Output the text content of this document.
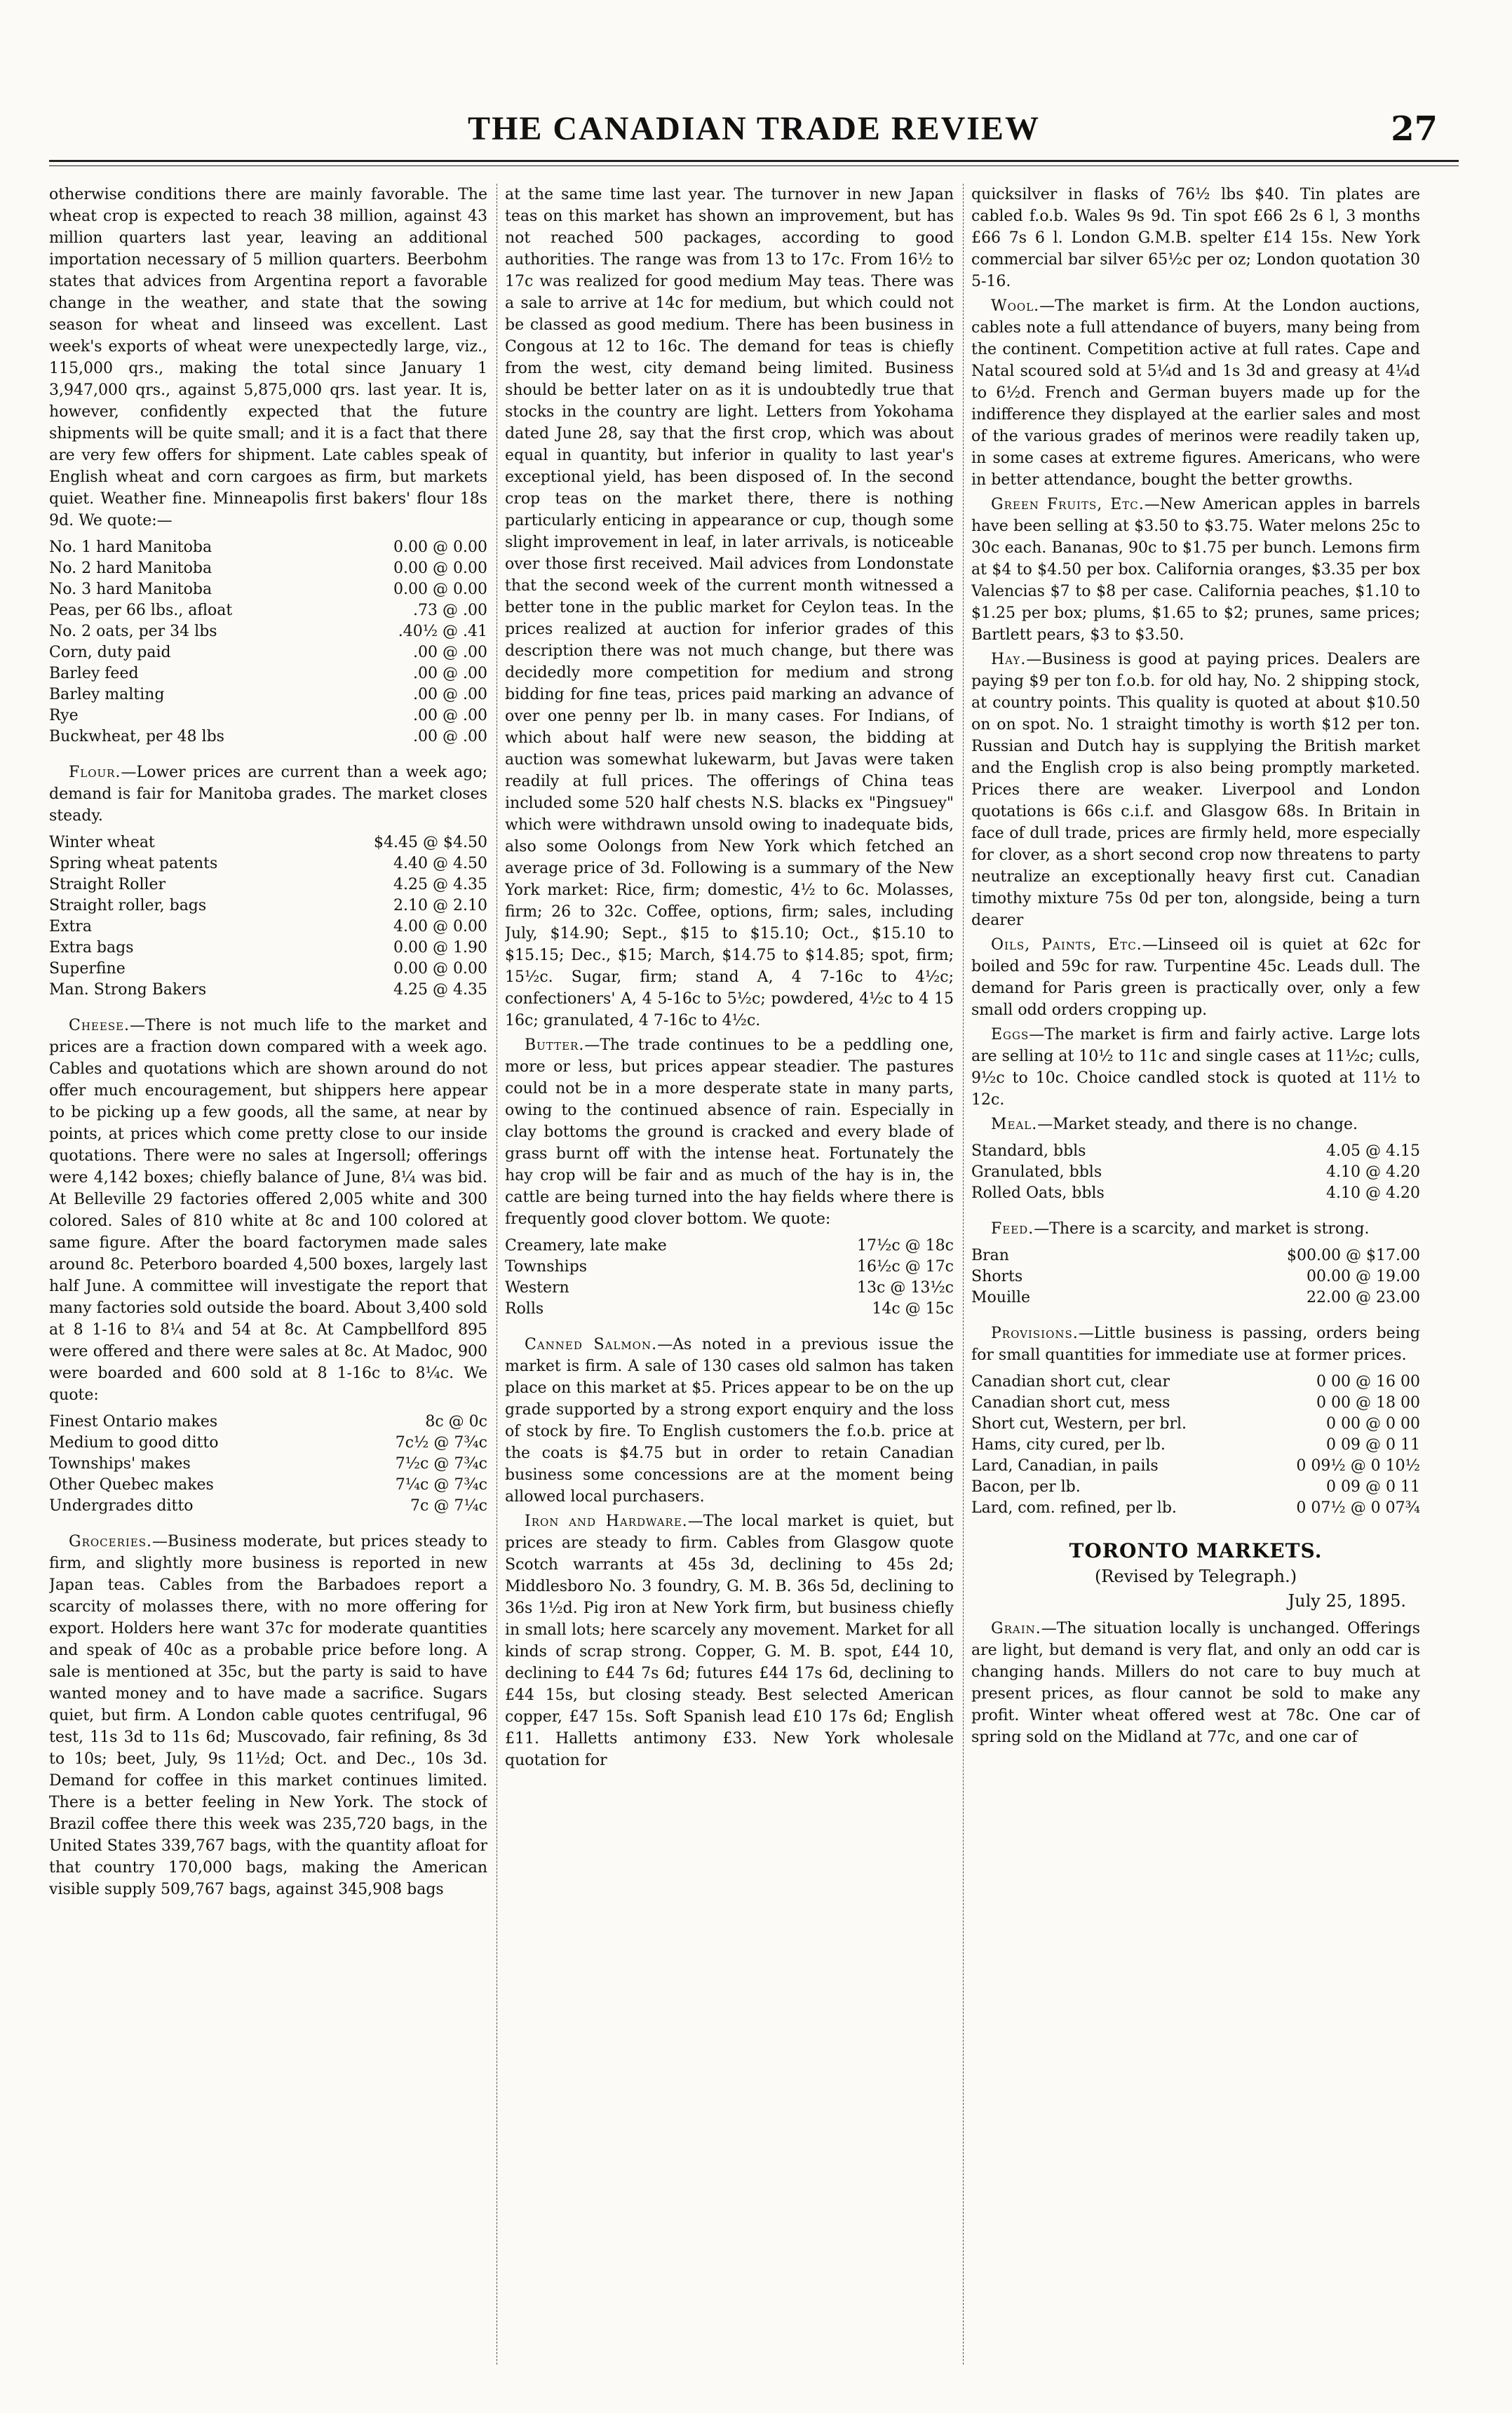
THE CANADIAN TRADE REVIEW	27

otherwise conditions there are mainly favorable. The wheat crop is expected to reach 38 million, against 43 million quarters last year, leaving an additional importation necessary of 5 million quarters. Beerbohm states that advices from Argentina report a favorable change in the weather, and state that the sowing season for wheat and linseed was excellent. Last week's exports of wheat were unexpectedly large, viz., 115,000 qrs., making the total since January 1 3,947,000 qrs., against 5,875,000 qrs. last year. It is, however, confidently expected that the future shipments will be quite small; and it is a fact that there are very few offers for shipment. Late cables speak of English wheat and corn cargoes as firm, but markets quiet. Weather fine. Minneapolis first bakers' flour 18s 9d. We quote:—

No. 1 hard Manitoba	0.00 @ 0.00
No. 2 hard Manitoba	0.00 @ 0.00
No. 3 hard Manitoba	0.00 @ 0.00
Peas, per 66 lbs., afloat	.73 @ .00
No. 2 oats, per 34 lbs	.40½ @ .41
Corn, duty paid	.00 @ .00
Barley feed	.00 @ .00
Barley malting	.00 @ .00
Rye	.00 @ .00
Buckwheat, per 48 lbs	.00 @ .00

Flour.—Lower prices are current than a week ago; demand is fair for Manitoba grades. The market closes steady.

Winter wheat	$4.45 @ $4.50
Spring wheat patents	4.40 @ 4.50
Straight Roller	4.25 @ 4.35
Straight roller, bags	2.10 @ 2.10
Extra	4.00 @ 0.00
Extra bags	0.00 @ 1.90
Superfine	0.00 @ 0.00
Man. Strong Bakers	4.25 @ 4.35

Cheese.—There is not much life to the market and prices are a fraction down compared with a week ago. Cables and quotations which are shown around do not offer much encouragement, but shippers here appear to be picking up a few goods, all the same, at near by points, at prices which come pretty close to our inside quotations. There were no sales at Ingersoll; offerings were 4,142 boxes; chiefly balance of June, 8¼ was bid. At Belleville 29 factories offered 2,005 white and 300 colored. Sales of 810 white at 8c and 100 colored at same figure. After the board factorymen made sales around 8c. Peterboro boarded 4,500 boxes, largely last half June. A committee will investigate the report that many factories sold outside the board. About 3,400 sold at 8 1-16 to 8¼ and 54 at 8c. At Campbellford 895 were offered and there were sales at 8c. At Madoc, 900 were boarded and 600 sold at 8 1-16c to 8¼c. We quote:

Finest Ontario makes	8c @ 0c
Medium to good ditto	7c½ @ 7¾c
Townships' makes	7½c @ 7¾c
Other Quebec makes	7¼c @ 7¾c
Undergrades ditto	7c @ 7¼c

Groceries.—Business moderate, but prices steady to firm, and slightly more business is reported in new Japan teas. Cables from the Barbadoes report a scarcity of molasses there, with no more offering for export. Holders here want 37c for moderate quantities and speak of 40c as a probable price before long. A sale is mentioned at 35c, but the party is said to have wanted money and to have made a sacrifice. Sugars quiet, but firm. A London cable quotes centrifugal, 96 test, 11s 3d to 11s 6d; Muscovado, fair refining, 8s 3d to 10s; beet, July, 9s 11½d; Oct. and Dec., 10s 3d. Demand for coffee in this market continues limited. There is a better feeling in New York. The stock of Brazil coffee there this week was 235,720 bags, in the United States 339,767 bags, with the quantity afloat for that country 170,000 bags, making the American visible supply 509,767 bags, against 345,908 bags

at the same time last year. The turnover in new Japan teas on this market has shown an improvement, but has not reached 500 packages, according to good authorities. The range was from 13 to 17c. From 16½ to 17c was realized for good medium May teas. There was a sale to arrive at 14c for medium, but which could not be classed as good medium. There has been business in Congous at 12 to 16c. The demand for teas is chiefly from the west, city demand being limited. Business should be better later on as it is undoubtedly true that stocks in the country are light. Letters from Yokohama dated June 28, say that the first crop, which was about equal in quantity, but inferior in quality to last year's exceptional yield, has been disposed of. In the second crop teas on the market there, there is nothing particularly enticing in appearance or cup, though some slight improvement in leaf, in later arrivals, is noticeable over those first received. Mail advices from Londonstate that the second week of the current month witnessed a better tone in the public market for Ceylon teas. In the prices realized at auction for inferior grades of this description there was not much change, but there was decidedly more competition for medium and strong bidding for fine teas, prices paid marking an advance of over one penny per lb. in many cases. For Indians, of which about half were new season, the bidding at auction was somewhat lukewarm, but Javas were taken readily at full prices. The offerings of China teas included some 520 half chests N.S. blacks ex "Pingsuey" which were withdrawn unsold owing to inadequate bids, also some Oolongs from New York which fetched an average price of 3d. Following is a summary of the New York market: Rice, firm; domestic, 4½ to 6c. Molasses, firm; 26 to 32c. Coffee, options, firm; sales, including July, $14.90; Sept., $15 to $15.10; Oct., $15.10 to $15.15; Dec., $15; March, $14.75 to $14.85; spot, firm; 15½c. Sugar, firm; stand A, 4 7-16c to 4½c; confectioners' A, 4 5-16c to 5½c; powdered, 4½c to 4 15 16c; granulated, 4 7-16c to 4½c.

Butter.—The trade continues to be a peddling one, more or less, but prices appear steadier. The pastures could not be in a more desperate state in many parts, owing to the continued absence of rain. Especially in clay bottoms the ground is cracked and every blade of grass burnt off with the intense heat. Fortunately the hay crop will be fair and as much of the hay is in, the cattle are being turned into the hay fields where there is frequently good clover bottom. We quote:

Creamery, late make	17½c @ 18c
Townships	16½c @ 17c
Western	13c @ 13½c
Rolls	14c @ 15c

Canned Salmon.—As noted in a previous issue the market is firm. A sale of 130 cases old salmon has taken place on this market at $5. Prices appear to be on the up grade supported by a strong export enquiry and the loss of stock by fire. To English customers the f.o.b. price at the coats is $4.75 but in order to retain Canadian business some concessions are at the moment being allowed local purchasers.

Iron and Hardware.—The local market is quiet, but prices are steady to firm. Cables from Glasgow quote Scotch warrants at 45s 3d, declining to 45s 2d; Middlesboro No. 3 foundry, G. M. B. 36s 5d, declining to 36s 1½d. Pig iron at New York firm, but business chiefly in small lots; here scarcely any movement. Market for all kinds of scrap strong. Copper, G. M. B. spot, £44 10, declining to £44 7s 6d; futures £44 17s 6d, declining to £44 15s, but closing steady. Best selected American copper, £47 15s. Soft Spanish lead £10 17s 6d; English £11. Halletts antimony £33. New York wholesale quotation for

quicksilver in flasks of 76½ lbs $40. Tin plates are cabled f.o.b. Wales 9s 9d. Tin spot £66 2s 6 l, 3 months £66 7s 6 l. London G.M.B. spelter £14 15s. New York commercial bar silver 65½c per oz; London quotation 30 5-16.

Wool.—The market is firm. At the London auctions, cables note a full attendance of buyers, many being from the continent. Competition active at full rates. Cape and Natal scoured sold at 5¼d and 1s 3d and greasy at 4¼d to 6½d. French and German buyers made up for the indifference they displayed at the earlier sales and most of the various grades of merinos were readily taken up, in some cases at extreme figures. Americans, who were in better attendance, bought the better growths.

Green Fruits, Etc.—New American apples in barrels have been selling at $3.50 to $3.75. Water melons 25c to 30c each. Bananas, 90c to $1.75 per bunch. Lemons firm at $4 to $4.50 per box. California oranges, $3.35 per box Valencias $7 to $8 per case. California peaches, $1.10 to $1.25 per box; plums, $1.65 to $2; prunes, same prices; Bartlett pears, $3 to $3.50.

Hay.—Business is good at paying prices. Dealers are paying $9 per ton f.o.b. for old hay, No. 2 shipping stock, at country points. This quality is quoted at about $10.50 on on spot. No. 1 straight timothy is worth $12 per ton. Russian and Dutch hay is supplying the British market and the English crop is also being promptly marketed. Prices there are weaker. Liverpool and London quotations is 66s c.i.f. and Glasgow 68s. In Britain in face of dull trade, prices are firmly held, more especially for clover, as a short second crop now threatens to party neutralize an exceptionally heavy first cut. Canadian timothy mixture 75s 0d per ton, alongside, being a turn dearer

Oils, Paints, Etc.—Linseed oil is quiet at 62c for boiled and 59c for raw. Turpentine 45c. Leads dull. The demand for Paris green is practically over, only a few small odd orders cropping up.

Eggs—The market is firm and fairly active. Large lots are selling at 10½ to 11c and single cases at 11½c; culls, 9½c to 10c. Choice candled stock is quoted at 11½ to 12c.

Meal.—Market steady, and there is no change.

Standard, bbls	4.05 @ 4.15
Granulated, bbls	4.10 @ 4.20
Rolled Oats, bbls	4.10 @ 4.20

Feed.—There is a scarcity, and market is strong.

Bran	$00.00 @ $17.00
Shorts	00.00 @ 19.00
Mouille	22.00 @ 23.00

Provisions.—Little business is passing, orders being for small quantities for immediate use at former prices.

Canadian short cut, clear	0 00 @ 16 00
Canadian short cut, mess	0 00 @ 18 00
Short cut, Western, per brl.	0 00 @ 0 00
Hams, city cured, per lb.	0 09 @ 0 11
Lard, Canadian, in pails	0 09½ @ 0 10½
Bacon, per lb.	0 09 @ 0 11
Lard, com. refined, per lb.	0 07½ @ 0 07¾
TORONTO MARKETS.
(Revised by Telegraph.)
July 25, 1895.

Grain.—The situation locally is unchanged. Offerings are light, but demand is very flat, and only an odd car is changing hands. Millers do not care to buy much at present prices, as flour cannot be sold to make any profit. Winter wheat offered west at 78c. One car of spring sold on the Midland at 77c, and one car of
